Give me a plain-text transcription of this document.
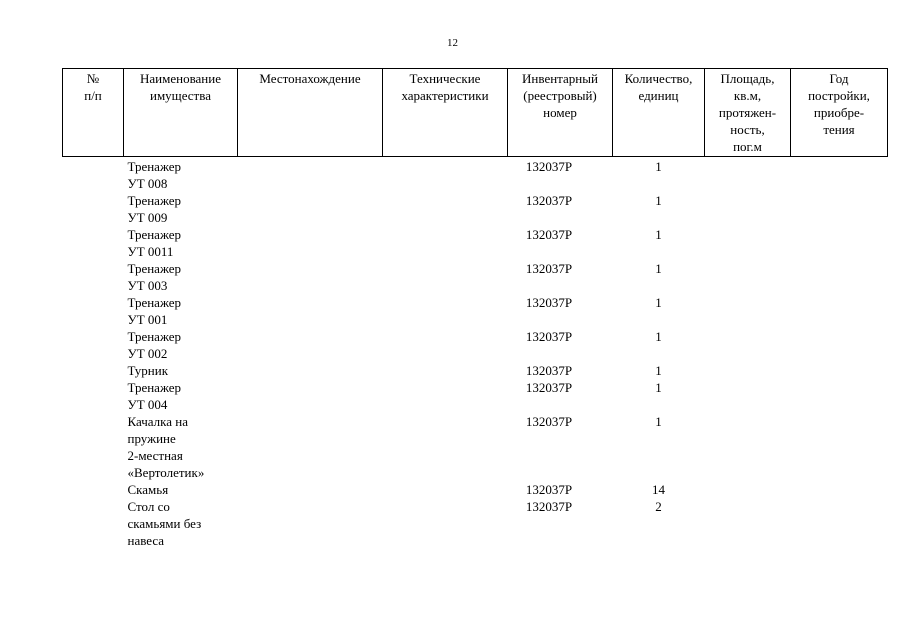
12
№
п/п	Наименование
имущества	Местонахождение	Технические
характеристики	Инвентарный
(реестровый)
номер	Количество,
единиц	Площадь,
кв.м,
протяжен-
ность,
пог.м	Год
постройки,
приобре-
тения
	Тренажер
УТ 008			132037Р	1		
	Тренажер
УТ 009			132037Р	1		
	Тренажер
УТ 0011			132037Р	1		
	Тренажер
УТ 003			132037Р	1		
	Тренажер
УТ 001			132037Р	1		
	Тренажер
УТ 002			132037Р	1		
	Турник			132037Р	1		
	Тренажер
УТ 004			132037Р	1		
	Качалка на
пружине
2-местная
«Вертолетик»			132037Р	1		
	Скамья			132037Р	14		
	Стол со
скамьями без
навеса			132037Р	2		
